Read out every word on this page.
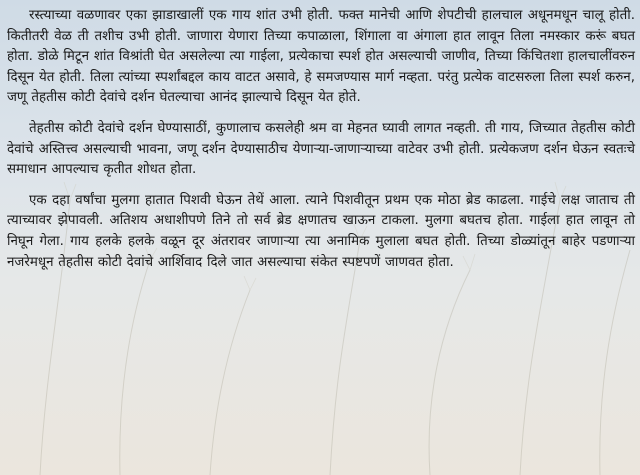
रस्त्याच्या वळणावर एका झाडाखालीं एक गाय शांत उभी होती. फक्त मानेची आणि शेपटीची हालचाल अधूनमधून चालू होती. कितीतरी वेळ ती तशीच उभी होती. जाणारा येणारा तिच्या कपाळाला, शिंगाला वा अंगाला हात लावून तिला नमस्कार करूं बघत होता. डोळे मिटून शांत विश्रांती घेत असलेल्या त्या गाईला, प्रत्येकाचा स्पर्श होत असल्याची जाणीव, तिच्या किंचितशा हालचालींवरुन दिसून येत होती. तिला त्यांच्या स्पर्शांबद्दल काय वाटत असावे, हे समजण्यास मार्ग नव्हता. परंतु प्रत्येक वाटसरुला तिला स्पर्श करुन, जणू तेहतीस कोटी देवांचे दर्शन घेतल्याचा आनंद झाल्याचे दिसून येत होते.

तेहतीस कोटी देवांचे दर्शन घेण्यासाठीं, कुणालाच कसलेही श्रम वा मेहनत घ्यावी लागत नव्हती. ती गाय, जिच्यात तेहतीस कोटी देवांचे अस्तित्त्व असल्याची भावना, जणू दर्शन देण्यासाठीच येणाऱ्या-जाणाऱ्याच्या वाटेवर उभी होती. प्रत्येकजण दर्शन घेऊन स्वतःचे समाधान आपल्याच कृतीत शोधत होता.

एक दहा वर्षांचा मुलगा हातात पिशवी घेऊन तेथें आला. त्याने पिशवीतून प्रथम एक मोठा ब्रेड काढला. गाईचे लक्ष जाताच ती त्याच्यावर झेपावली. अतिशय अधाशीपणे तिने तो सर्व ब्रेड क्षणातच खाऊन टाकला. मुलगा बघतच होता. गाईला हात लावून तो निघून गेला. गाय हलके हलके वळून दूर अंतरावर जाणाऱ्या त्या अनामिक मुलाला बघत होती. तिच्या डोळ्यांतून बाहेर पडणाऱ्या नजरेमधून तेहतीस कोटी देवांचे आर्शिवाद दिले जात असल्याचा संकेत स्पष्टपणें जाणवत होता.
